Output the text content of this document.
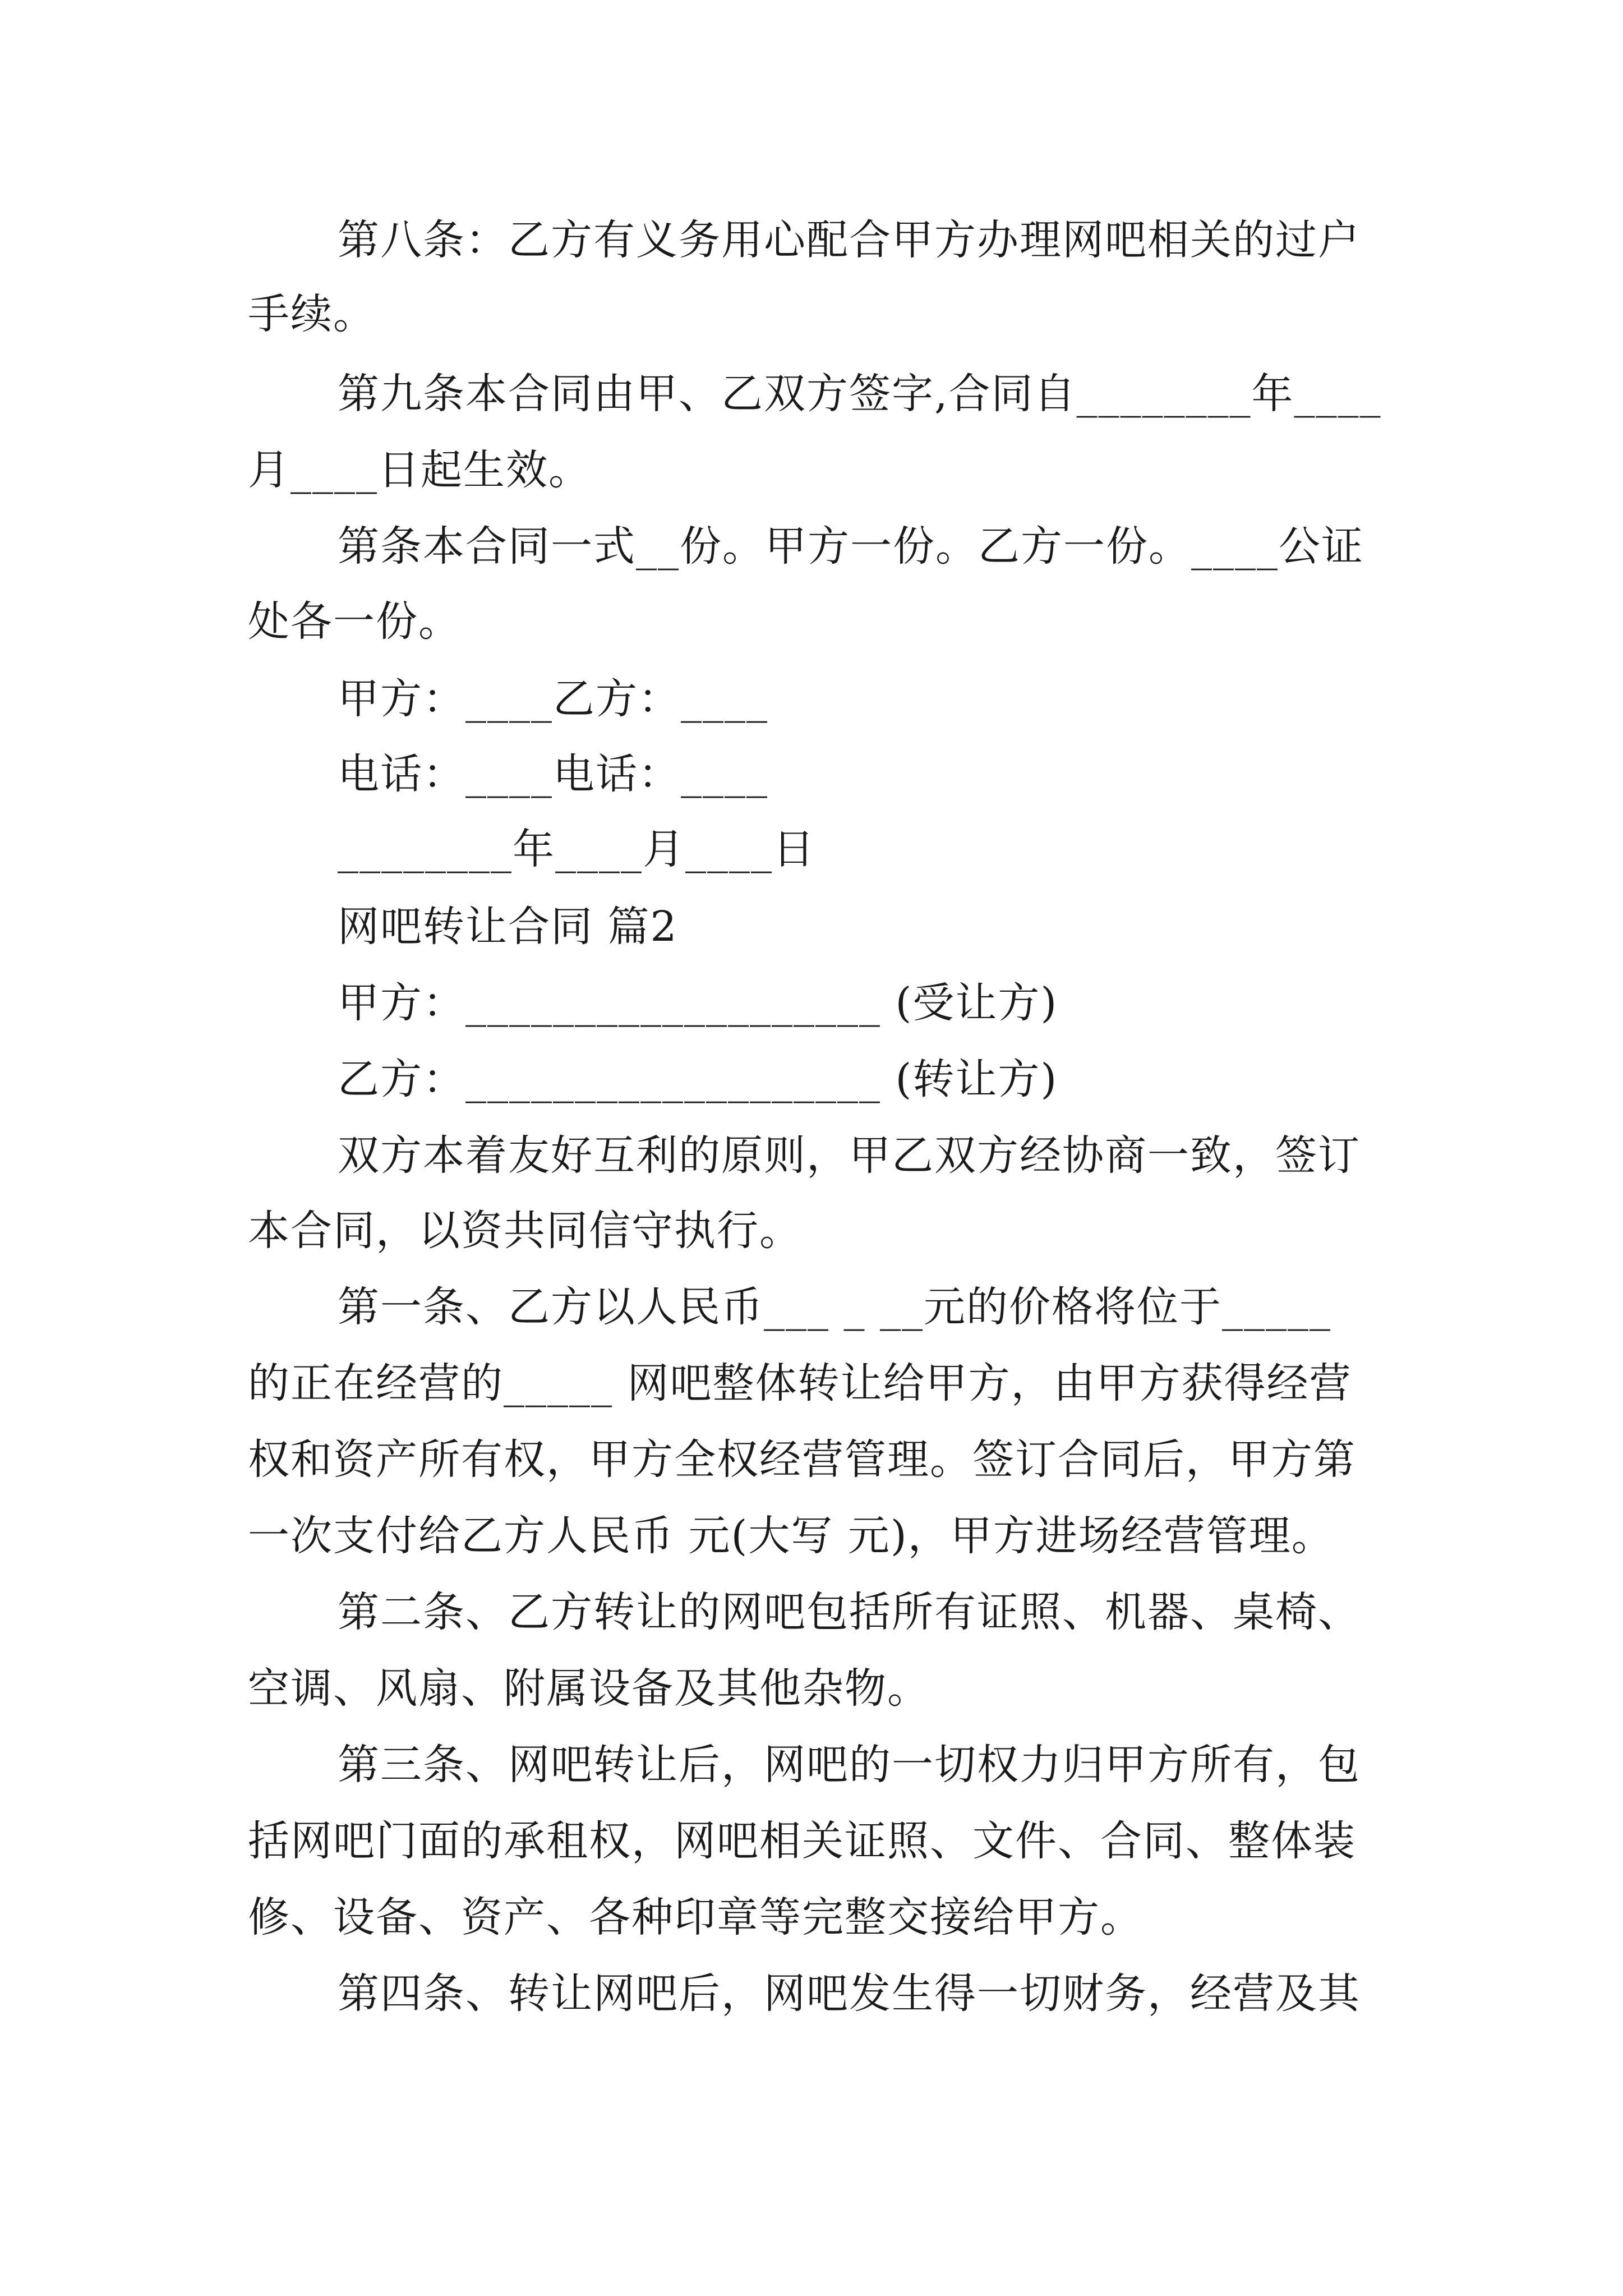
第八条：乙方有义务用心配合甲方办理网吧相关的过户
手续。
第九条本合同由甲、乙双方签字,合同自________年____
月____日起生效。
第条本合同一式__份。甲方一份。乙方一份。____公证
处各一份。
甲方：____乙方：____
电话：____电话：____
________年____月____日
网吧转让合同 篇2
甲方：___________________ (受让方)
乙方：___________________ (转让方)
双方本着友好互利的原则，甲乙双方经协商一致，签订
本合同，以资共同信守执行。
第一条、乙方以人民币___ _ __元的价格将位于_____
的正在经营的_____ 网吧整体转让给甲方，由甲方获得经营
权和资产所有权，甲方全权经营管理。签订合同后，甲方第
一次支付给乙方人民币 元(大写 元)，甲方进场经营管理。
第二条、乙方转让的网吧包括所有证照、机器、桌椅、
空调、风扇、附属设备及其他杂物。
第三条、网吧转让后，网吧的一切权力归甲方所有，包
括网吧门面的承租权，网吧相关证照、文件、合同、整体装
修、设备、资产、各种印章等完整交接给甲方。
第四条、转让网吧后，网吧发生得一切财务，经营及其
